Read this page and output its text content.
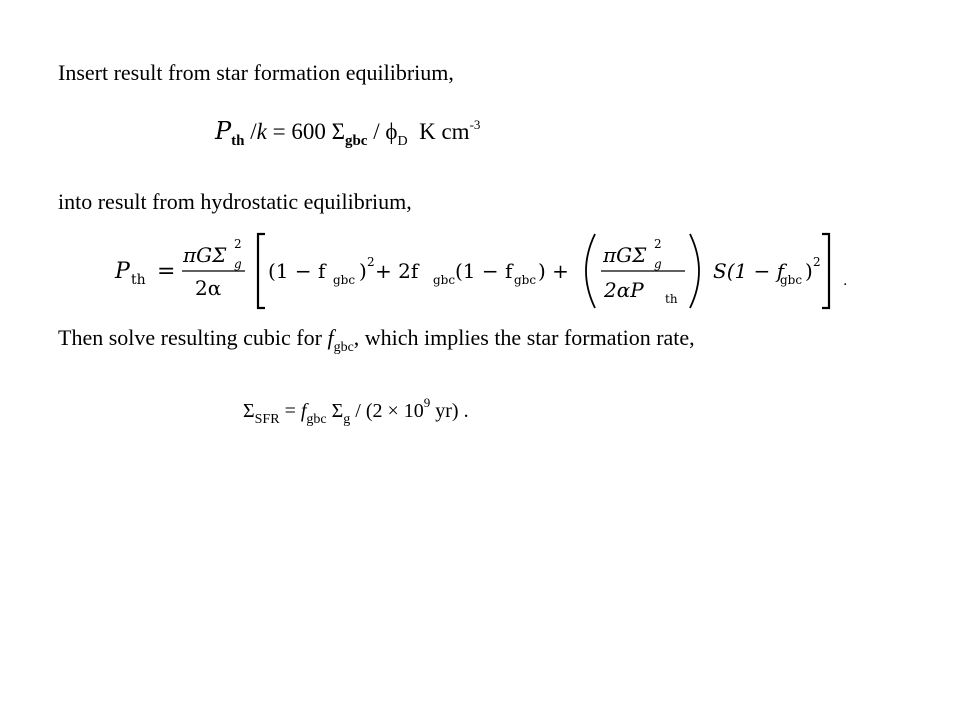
Insert result from star formation equilibrium,
$P_{th}$ /k = 600 $\Sigma_{gbc} / \phi_D$  K $cm^{-3}$
into result from hydrostatic equilibrium,
P th =
πGΣ 2
g
2α
(1 − f gbc ) 2 + 2f gbc (1 − f gbc ) +
πGΣ 2
g
2αP th
S(1 − f
gbc ) 2
.
Then solve resulting cubic for $f_{gbc}$, which implies the star formation rate,
$\Sigma_{SFR} = f_{gbc}$ $\Sigma_g / (2 \times 10^9$ yr) .
